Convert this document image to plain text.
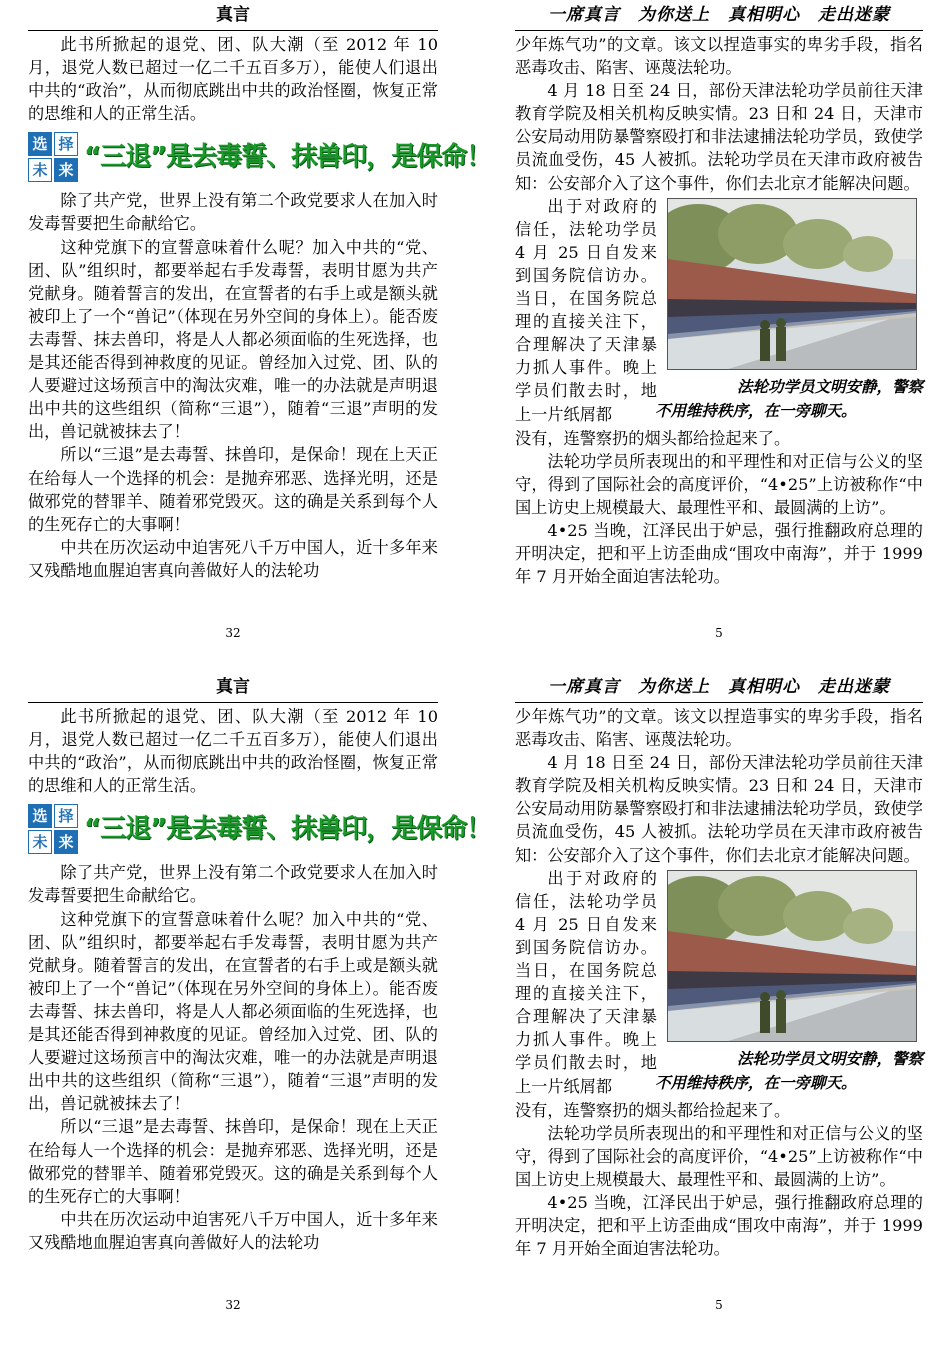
真言

此书所掀起的退党、团、队大潮（至 2012 年 10 月，退党人数已超过一亿二千五百多万），能使人们退出中共的“政治”，从而彻底跳出中共的政治怪圈，恢复正常的思维和人的正常生活。

选 择
未 来 “三退”是去毒誓、抹兽印，是保命！

除了共产党，世界上没有第二个政党要求人在加入时发毒誓要把生命献给它。

这种党旗下的宣誓意味着什么呢？加入中共的“党、团、队”组织时，都要举起右手发毒誓，表明甘愿为共产党献身。随着誓言的发出，在宣誓者的右手上或是额头就被印上了一个“兽记”（体现在另外空间的身体上）。能否废去毒誓、抹去兽印，将是人人都必须面临的生死选择，也是其还能否得到神救度的见证。曾经加入过党、团、队的人要避过这场预言中的淘汰灾难，唯一的办法就是声明退出中共的这些组织（简称“三退”），随着“三退”声明的发出，兽记就被抹去了！

所以“三退”是去毒誓、抹兽印，是保命！现在上天正在给每人一个选择的机会：是抛弃邪恶、选择光明，还是做邪党的替罪羊、随着邪党毁灭。这的确是关系到每个人的生死存亡的大事啊！

中共在历次运动中迫害死八千万中国人，近十多年来又残酷地血腥迫害真向善做好人的法轮功

32
一席真言　为你送上　真相明心　走出迷蒙

少年炼气功”的文章。该文以捏造事实的卑劣手段，指名恶毒攻击、陷害、诬蔑法轮功。

4 月 18 日至 24 日，部份天津法轮功学员前往天津教育学院及相关机构反映实情。23 日和 24 日，天津市公安局动用防暴警察殴打和非法逮捕法轮功学员，致使学员流血受伤，45 人被抓。法轮功学员在天津市政府被告知：公安部介入了这个事件，你们去北京才能解决问题。

出于对政府的信任，法轮功学员 4 月 25 日自发来到国务院信访办。当日，在国务院总理的直接关注下，合理解决了天津暴力抓人事件。晚上学员们散去时，地上一片纸屑都

法轮功学员文明安静，警察
不用维持秩序，在一旁聊天。

没有，连警察扔的烟头都给捡起来了。

法轮功学员所表现出的和平理性和对正信与公义的坚守，得到了国际社会的高度评价，“4•25”上访被称作“中国上访史上规模最大、最理性平和、最圆满的上访”。

4•25 当晚，江泽民出于妒忌，强行推翻政府总理的开明决定，把和平上访歪曲成“围攻中南海”，并于 1999 年 7 月开始全面迫害法轮功。

5
真言

此书所掀起的退党、团、队大潮（至 2012 年 10 月，退党人数已超过一亿二千五百多万），能使人们退出中共的“政治”，从而彻底跳出中共的政治怪圈，恢复正常的思维和人的正常生活。

选 择
未 来 “三退”是去毒誓、抹兽印，是保命！

除了共产党，世界上没有第二个政党要求人在加入时发毒誓要把生命献给它。

这种党旗下的宣誓意味着什么呢？加入中共的“党、团、队”组织时，都要举起右手发毒誓，表明甘愿为共产党献身。随着誓言的发出，在宣誓者的右手上或是额头就被印上了一个“兽记”（体现在另外空间的身体上）。能否废去毒誓、抹去兽印，将是人人都必须面临的生死选择，也是其还能否得到神救度的见证。曾经加入过党、团、队的人要避过这场预言中的淘汰灾难，唯一的办法就是声明退出中共的这些组织（简称“三退”），随着“三退”声明的发出，兽记就被抹去了！

所以“三退”是去毒誓、抹兽印，是保命！现在上天正在给每人一个选择的机会：是抛弃邪恶、选择光明，还是做邪党的替罪羊、随着邪党毁灭。这的确是关系到每个人的生死存亡的大事啊！

中共在历次运动中迫害死八千万中国人，近十多年来又残酷地血腥迫害真向善做好人的法轮功

32
一席真言　为你送上　真相明心　走出迷蒙

少年炼气功”的文章。该文以捏造事实的卑劣手段，指名恶毒攻击、陷害、诬蔑法轮功。

4 月 18 日至 24 日，部份天津法轮功学员前往天津教育学院及相关机构反映实情。23 日和 24 日，天津市公安局动用防暴警察殴打和非法逮捕法轮功学员，致使学员流血受伤，45 人被抓。法轮功学员在天津市政府被告知：公安部介入了这个事件，你们去北京才能解决问题。

出于对政府的信任，法轮功学员 4 月 25 日自发来到国务院信访办。当日，在国务院总理的直接关注下，合理解决了天津暴力抓人事件。晚上学员们散去时，地上一片纸屑都

法轮功学员文明安静，警察
不用维持秩序，在一旁聊天。

没有，连警察扔的烟头都给捡起来了。

法轮功学员所表现出的和平理性和对正信与公义的坚守，得到了国际社会的高度评价，“4•25”上访被称作“中国上访史上规模最大、最理性平和、最圆满的上访”。

4•25 当晚，江泽民出于妒忌，强行推翻政府总理的开明决定，把和平上访歪曲成“围攻中南海”，并于 1999 年 7 月开始全面迫害法轮功。

5
